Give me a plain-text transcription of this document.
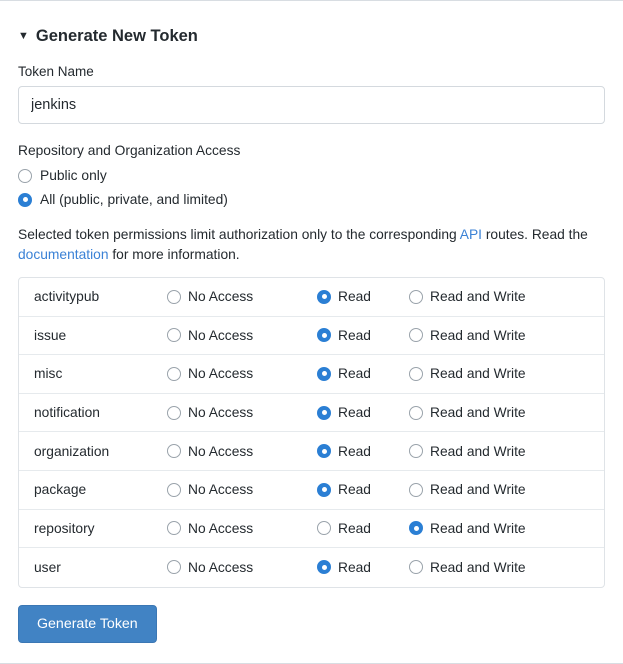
▼ Generate New Token
Token Name
jenkins
Repository and Organization Access
Public only
All (public, private, and limited)
Selected token permissions limit authorization only to the corresponding API routes. Read the documentation for more information.
activitypub	No Access	Read	Read and Write
issue	No Access	Read	Read and Write
misc	No Access	Read	Read and Write
notification	No Access	Read	Read and Write
organization	No Access	Read	Read and Write
package	No Access	Read	Read and Write
repository	No Access	Read	Read and Write
user	No Access	Read	Read and Write
Generate Token
